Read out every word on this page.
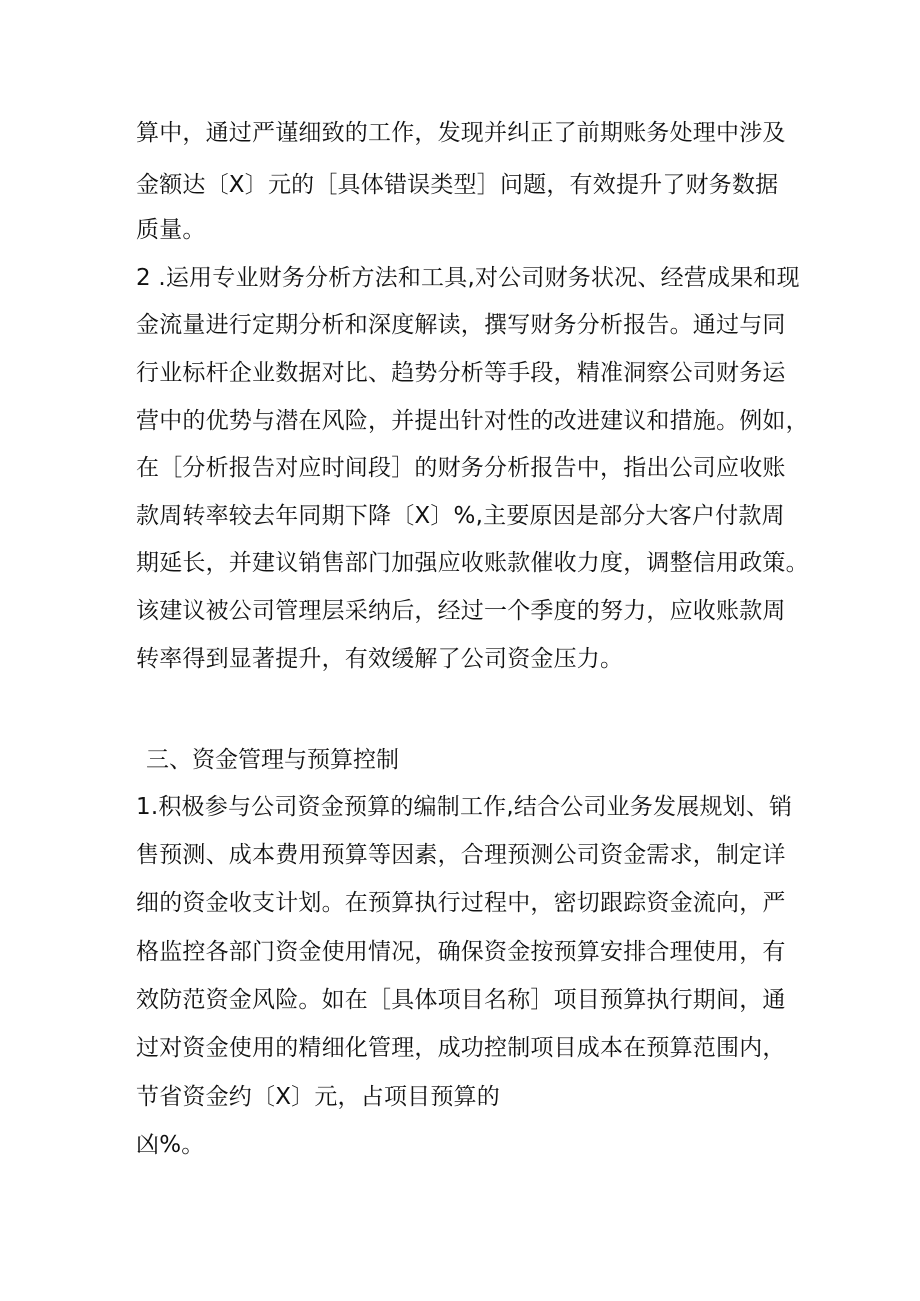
算中，通过严谨细致的工作，发现并纠正了前期账务处理中涉及
金额达〔X〕元的［具体错误类型］问题，有效提升了财务数据
质量。
2 .运用专业财务分析方法和工具,对公司财务状况、经营成果和现
金流量进行定期分析和深度解读，撰写财务分析报告。通过与同
行业标杆企业数据对比、趋势分析等手段，精准洞察公司财务运
营中的优势与潜在风险，并提出针对性的改进建议和措施。例如，
在［分析报告对应时间段］的财务分析报告中，指出公司应收账
款周转率较去年同期下降〔X〕%,主要原因是部分大客户付款周
期延长，并建议销售部门加强应收账款催收力度，调整信用政策。
该建议被公司管理层采纳后，经过一个季度的努力，应收账款周
转率得到显著提升，有效缓解了公司资金压力。
三、资金管理与预算控制
1.积极参与公司资金预算的编制工作,结合公司业务发展规划、销
售预测、成本费用预算等因素，合理预测公司资金需求，制定详
细的资金收支计划。在预算执行过程中，密切跟踪资金流向，严
格监控各部门资金使用情况，确保资金按预算安排合理使用，有
效防范资金风险。如在［具体项目名称］项目预算执行期间，通
过对资金使用的精细化管理，成功控制项目成本在预算范围内，
节省资金约〔X〕元，占项目预算的
凶%。
